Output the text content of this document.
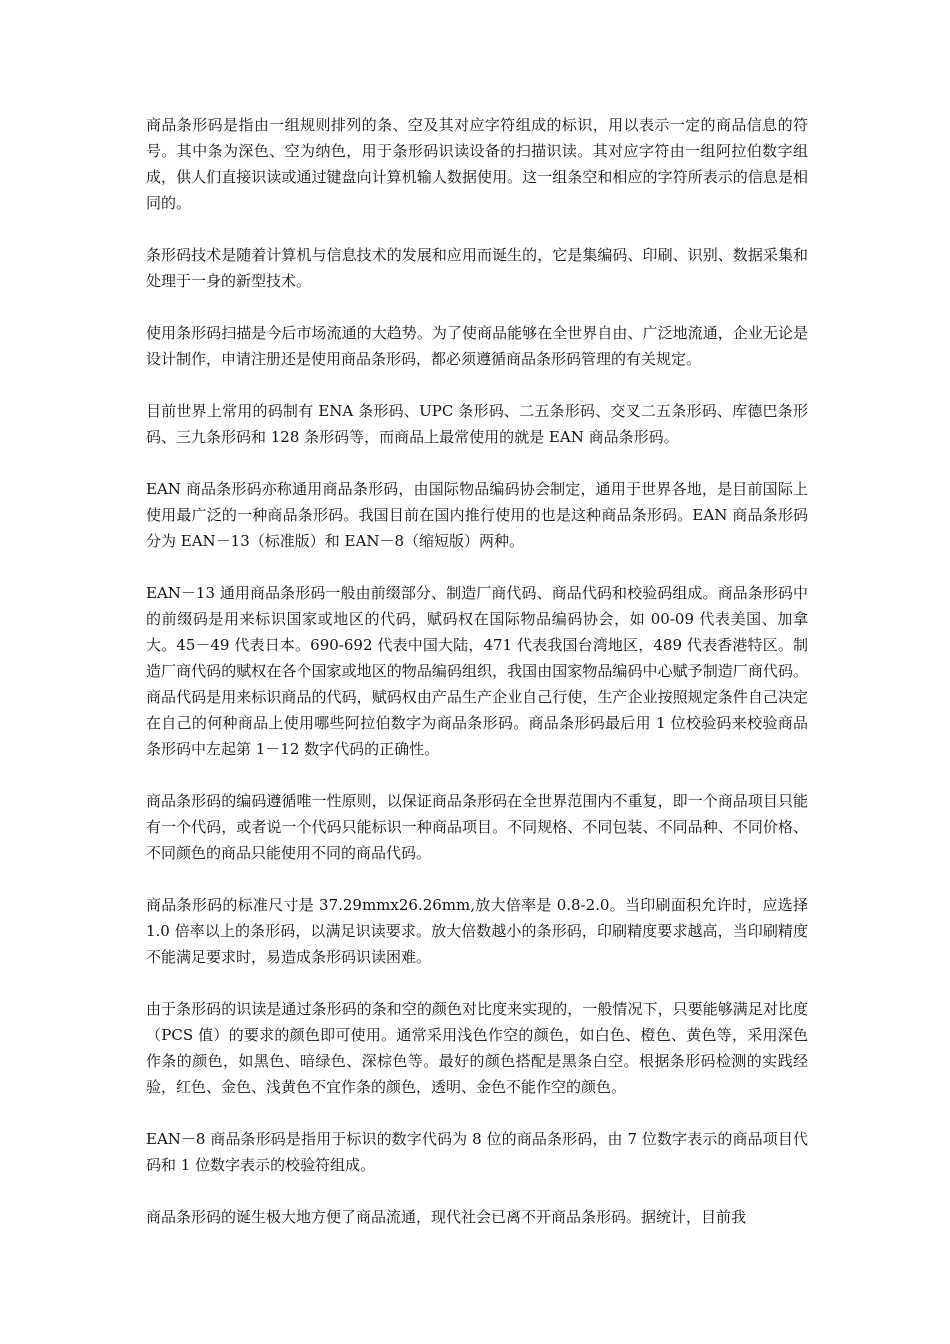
商品条形码是指由一组规则排列的条、空及其对应字符组成的标识，用以表示一定的商品信息的符号。其中条为深色、空为纳色，用于条形码识读设备的扫描识读。其对应字符由一组阿拉伯数字组成，供人们直接识读或通过键盘向计算机输人数据使用。这一组条空和相应的字符所表示的信息是相同的。

条形码技术是随着计算机与信息技术的发展和应用而诞生的，它是集编码、印刷、识别、数据采集和处理于一身的新型技术。

使用条形码扫描是今后市场流通的大趋势。为了使商品能够在全世界自由、广泛地流通，企业无论是设计制作，申请注册还是使用商品条形码，都必须遵循商品条形码管理的有关规定。

目前世界上常用的码制有 ENA 条形码、UPC 条形码、二五条形码、交叉二五条形码、库德巴条形码、三九条形码和 128 条形码等，而商品上最常使用的就是 EAN 商品条形码。

EAN 商品条形码亦称通用商品条形码，由国际物品编码协会制定，通用于世界各地，是目前国际上使用最广泛的一种商品条形码。我国目前在国内推行使用的也是这种商品条形码。EAN 商品条形码分为 EAN－13（标准版）和 EAN－8（缩短版）两种。

EAN－13 通用商品条形码一般由前缀部分、制造厂商代码、商品代码和校验码组成。商品条形码中的前缀码是用来标识国家或地区的代码，赋码权在国际物品编码协会，如 00-09 代表美国、加拿大。45－49 代表日本。690-692 代表中国大陆，471 代表我国台湾地区，489 代表香港特区。制造厂商代码的赋权在各个国家或地区的物品编码组织，我国由国家物品编码中心赋予制造厂商代码。商品代码是用来标识商品的代码，赋码权由产品生产企业自己行使，生产企业按照规定条件自己决定在自己的何种商品上使用哪些阿拉伯数字为商品条形码。商品条形码最后用 1 位校验码来校验商品条形码中左起第 1－12 数字代码的正确性。

商品条形码的编码遵循唯一性原则，以保证商品条形码在全世界范围内不重复，即一个商品项目只能有一个代码，或者说一个代码只能标识一种商品项目。不同规格、不同包装、不同品种、不同价格、不同颜色的商品只能使用不同的商品代码。

商品条形码的标准尺寸是 37.29mmx26.26mm,放大倍率是 0.8-2.0。当印刷面积允许时，应选择 1.0 倍率以上的条形码，以满足识读要求。放大倍数越小的条形码，印刷精度要求越高，当印刷精度不能满足要求时，易造成条形码识读困难。

由于条形码的识读是通过条形码的条和空的颜色对比度来实现的，一般情况下，只要能够满足对比度（PCS 值）的要求的颜色即可使用。通常采用浅色作空的颜色，如白色、橙色、黄色等，采用深色作条的颜色，如黑色、暗绿色、深棕色等。最好的颜色搭配是黑条白空。根据条形码检测的实践经验，红色、金色、浅黄色不宜作条的颜色，透明、金色不能作空的颜色。

EAN－8 商品条形码是指用于标识的数字代码为 8 位的商品条形码，由 7 位数字表示的商品项目代码和 1 位数字表示的校验符组成。

商品条形码的诞生极大地方便了商品流通，现代社会已离不开商品条形码。据统计，目前我
